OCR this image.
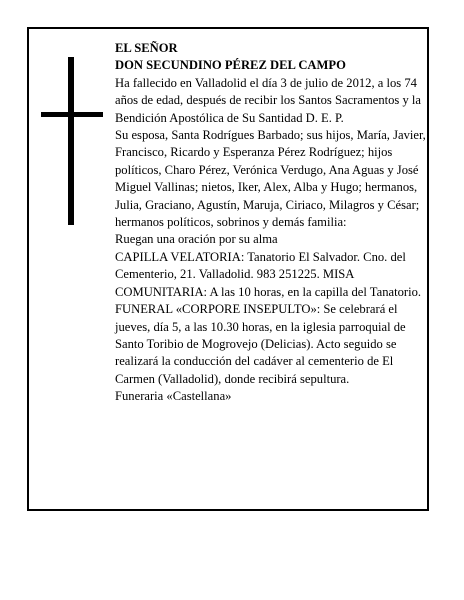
EL SEÑOR

DON SECUNDINO PÉREZ DEL CAMPO

Ha fallecido en Valladolid el día 3 de julio de 2012, a los 74 años de edad, después de recibir los Santos Sacramentos y la Bendición Apostólica de Su Santidad D. E. P.

Su esposa, Santa Rodrígues Barbado; sus hijos, María, Javier, Francisco, Ricardo y Esperanza Pérez Rodríguez; hijos políticos, Charo Pérez, Verónica Verdugo, Ana Aguas y José Miguel Vallinas; nietos, Iker, Alex, Alba y Hugo; hermanos, Julia, Graciano, Agustín, Maruja, Ciriaco, Milagros y César; hermanos políticos, sobrinos y demás familia:

Ruegan una oración por su alma

CAPILLA VELATORIA: Tanatorio El Salvador. Cno. del Cementerio, 21. Valladolid. 983 251225. MISA COMUNITARIA: A las 10 horas, en la capilla del Tanatorio.

FUNERAL «CORPORE INSEPULTO»: Se celebrará el jueves, día 5, a las 10.30 horas, en la iglesia parroquial de Santo Toribio de Mogrovejo (Delicias). Acto seguido se realizará la conducción del cadáver al cementerio de El Carmen (Valladolid), donde recibirá sepultura.

Funeraria «Castellana»
